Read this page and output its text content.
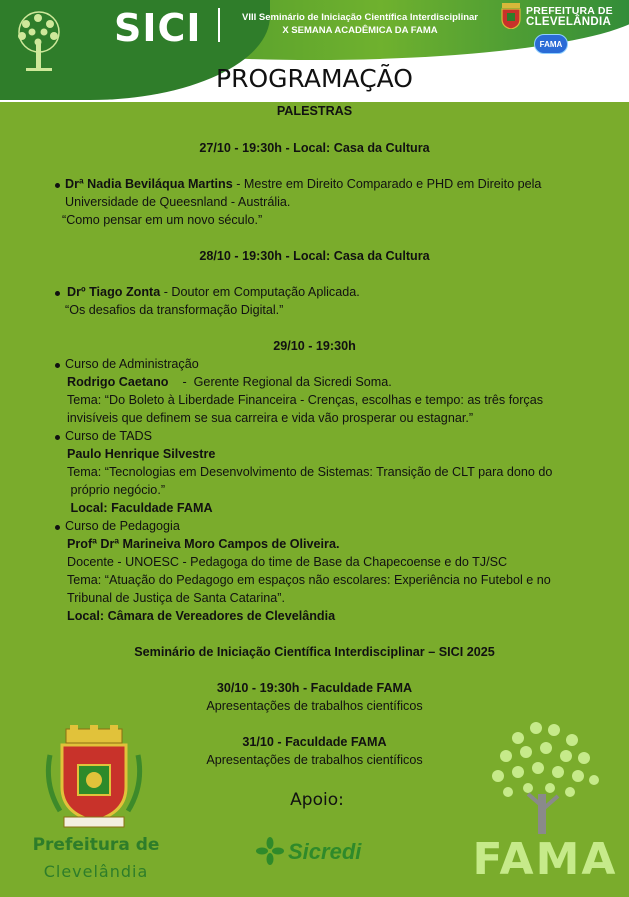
SICI	VIII Seminário de Iniciação Científica Interdisciplinar
X SEMANA ACADÊMICA DA FAMA
PREFEITURA DE
CLEVELÂNDIA
FAMA
PROGRAMAÇÃO
PALESTRAS
27/10 - 19:30h - Local: Casa da Cultura
Drª Nadia Beviláqua Martins - Mestre em Direito Comparado e PHD em Direito pela
Universidade de Queesnland - Austrália.
“Como pensar em um novo século.”
28/10 - 19:30h - Local: Casa da Cultura
Drº Tiago Zonta - Doutor em Computação Aplicada.
“Os desafios da transformação Digital.”
29/10 - 19:30h
Curso de Administração
Rodrigo Caetano    -  Gerente Regional da Sicredi Soma.
Tema: “Do Boleto à Liberdade Financeira - Crenças, escolhas e tempo: as três forças
invisíveis que definem se sua carreira e vida vão prosperar ou estagnar.”
Curso de TADS
Paulo Henrique Silvestre
Tema: “Tecnologias em Desenvolvimento de Sistemas: Transição de CLT para dono do
próprio negócio.”
Local: Faculdade FAMA
Curso de Pedagogia
Profª Drª Marineiva Moro Campos de Oliveira.
Docente - UNOESC - Pedagoga do time de Base da Chapecoense e do TJ/SC
Tema: “Atuação do Pedagogo em espaços não escolares: Experiência no Futebol e no
Tribunal de Justiça de Santa Catarina”.
Local: Câmara de Vereadores de Clevelândia
Seminário de Iniciação Científica Interdisciplinar – SICI 2025
30/10 - 19:30h - Faculdade FAMA
Apresentações de trabalhos científicos
31/10 - Faculdade FAMA
Apresentações de trabalhos científicos
Prefeitura de
Clevelândia
Apoio:
Sicredi	FAMA
